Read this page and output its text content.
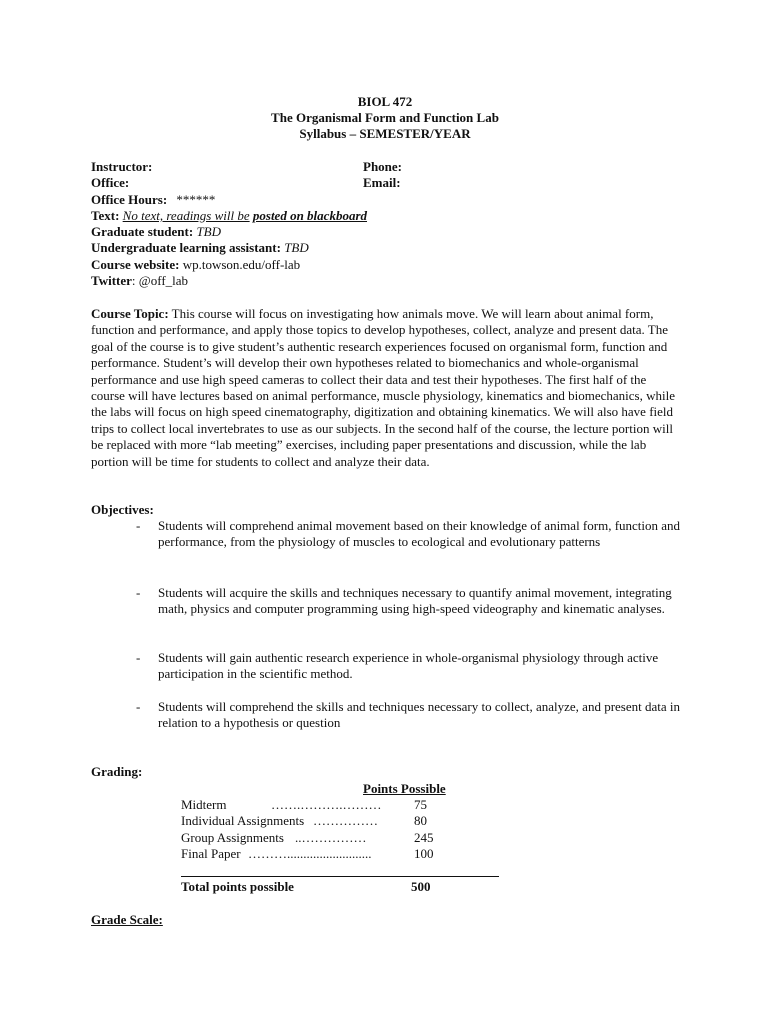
BIOL 472
The Organismal Form and Function Lab
Syllabus – SEMESTER/YEAR
Instructor:	Phone:
Office:	Email:
Office Hours: ******
Text: No text, readings will be posted on blackboard
Graduate student: TBD
Undergraduate learning assistant: TBD
Course website: wp.towson.edu/off-lab
Twitter: @off_lab
Course Topic: This course will focus on investigating how animals move. We will learn about animal form, function and performance, and apply those topics to develop hypotheses, collect, analyze and present data. The goal of the course is to give student’s authentic research experiences focused on organismal form, function and performance. Student’s will develop their own hypotheses related to biomechanics and whole-organismal performance and use high speed cameras to collect their data and test their hypotheses. The first half of the course will have lectures based on animal performance, muscle physiology, kinematics and biomechanics, while the labs will focus on high speed cinematography, digitization and obtaining kinematics. We will also have field trips to collect local invertebrates to use as our subjects. In the second half of the course, the lecture portion will be replaced with more “lab meeting” exercises, including paper presentations and discussion, while the lab portion will be time for students to collect and analyze their data.
Objectives:
- Students will comprehend animal movement based on their knowledge of animal form, function and performance, from the physiology of muscles to ecological and evolutionary patterns
- Students will acquire the skills and techniques necessary to quantify animal movement, integrating math, physics and computer programming using high-speed videography and kinematic analyses.
- Students will gain authentic research experience in whole-organismal physiology through active participation in the scientific method.
- Students will comprehend the skills and techniques necessary to collect, analyze, and present data in relation to a hypothesis or question
Grading:
Points Possible
Midterm	…….……….………	75
Individual Assignments ……………	80
Group Assignments ..……………	245
Final Paper ………..........................	100
Total points possible	500
Grade Scale:
